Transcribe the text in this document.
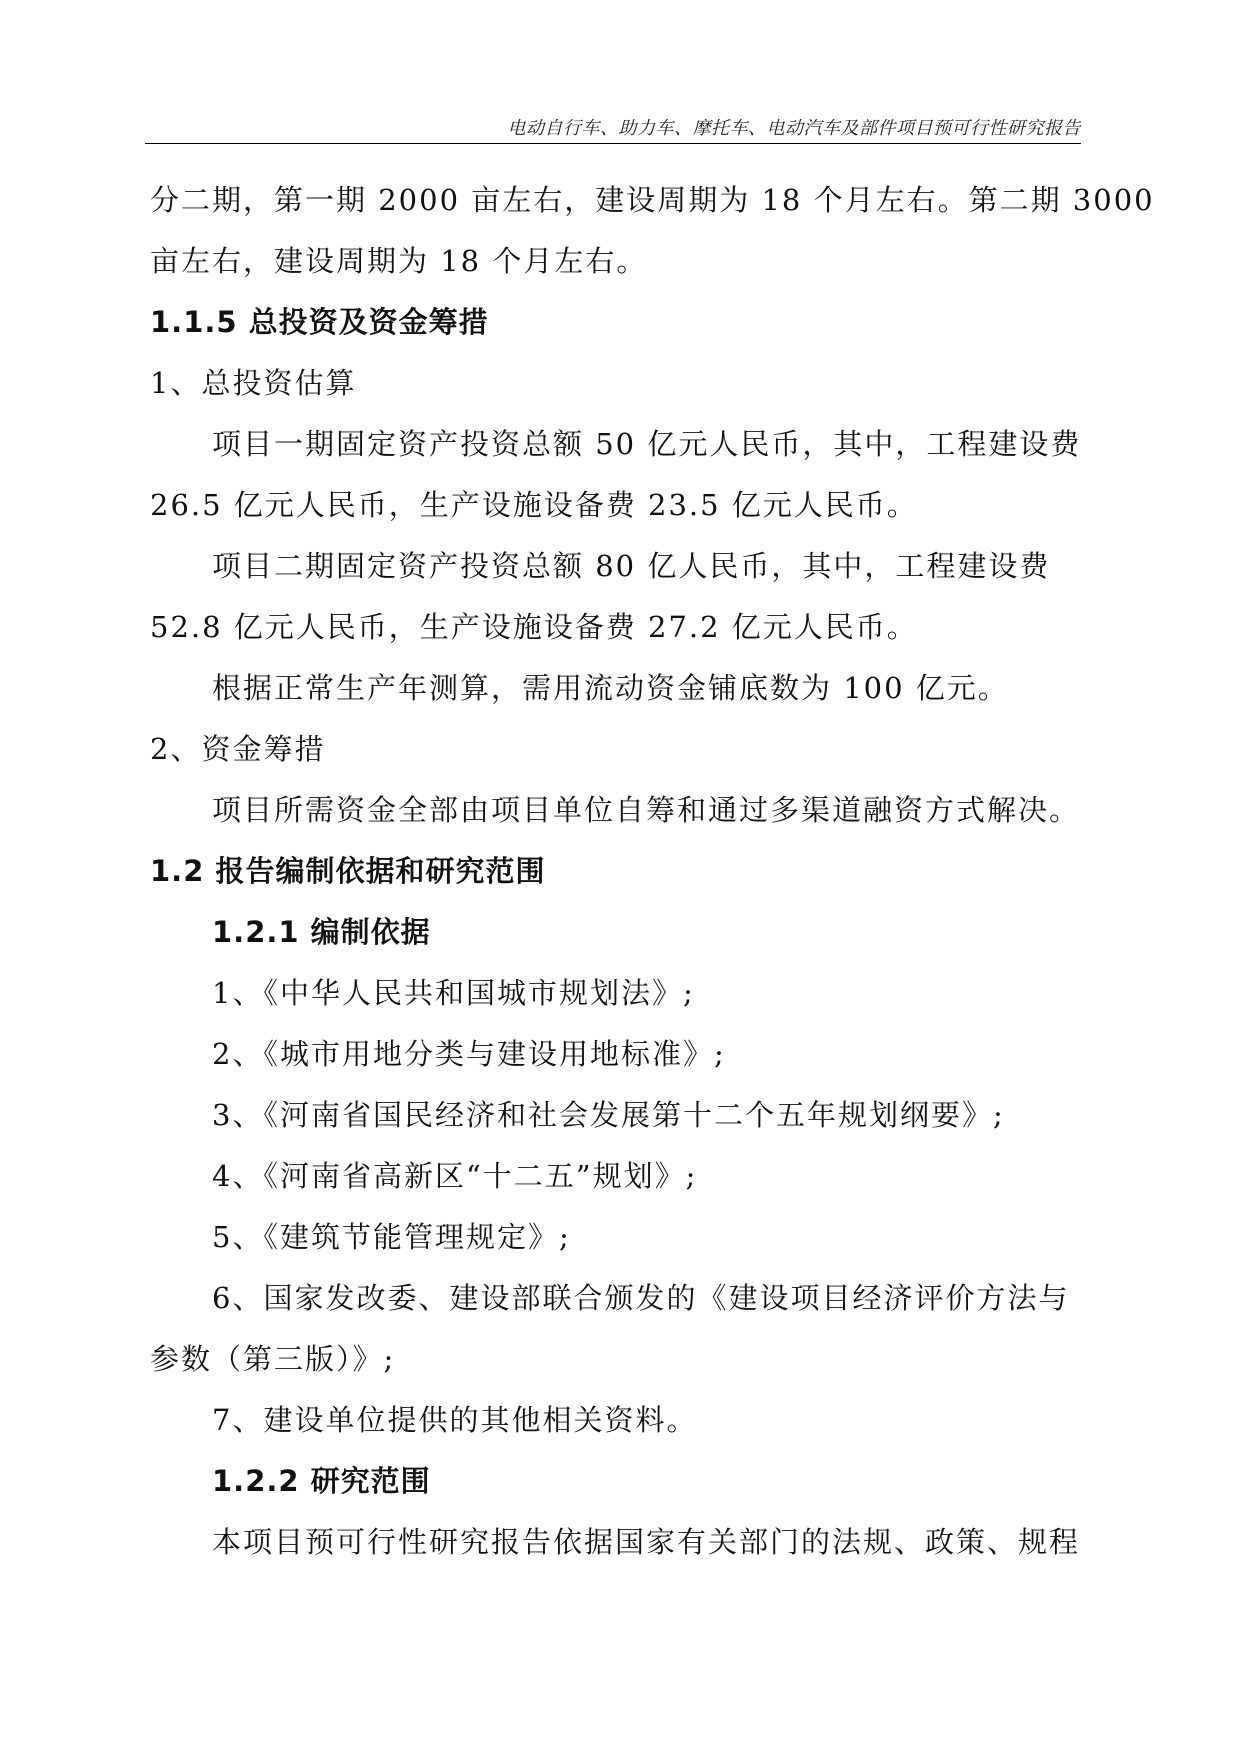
电动自行车、助力车、摩托车、电动汽车及部件项目预可行性研究报告
分二期，第一期 2000 亩左右，建设周期为 18 个月左右。第二期 3000
亩左右，建设周期为 18 个月左右。
1.1.5 总投资及资金筹措
1、总投资估算
项目一期固定资产投资总额 50 亿元人民币，其中，工程建设费
26.5 亿元人民币，生产设施设备费 23.5 亿元人民币。
项目二期固定资产投资总额 80 亿人民币，其中，工程建设费
52.8 亿元人民币，生产设施设备费 27.2 亿元人民币。
根据正常生产年测算，需用流动资金铺底数为 100 亿元。
2、资金筹措
项目所需资金全部由项目单位自筹和通过多渠道融资方式解决。
1.2 报告编制依据和研究范围
1.2.1 编制依据
1、《中华人民共和国城市规划法》;
2、《城市用地分类与建设用地标准》;
3、《河南省国民经济和社会发展第十二个五年规划纲要》;
4、《河南省高新区“十二五”规划》;
5、《建筑节能管理规定》;
6、国家发改委、建设部联合颁发的《建设项目经济评价方法与
参数（第三版）》;
7、建设单位提供的其他相关资料。
1.2.2 研究范围
本项目预可行性研究报告依据国家有关部门的法规、政策、规程
